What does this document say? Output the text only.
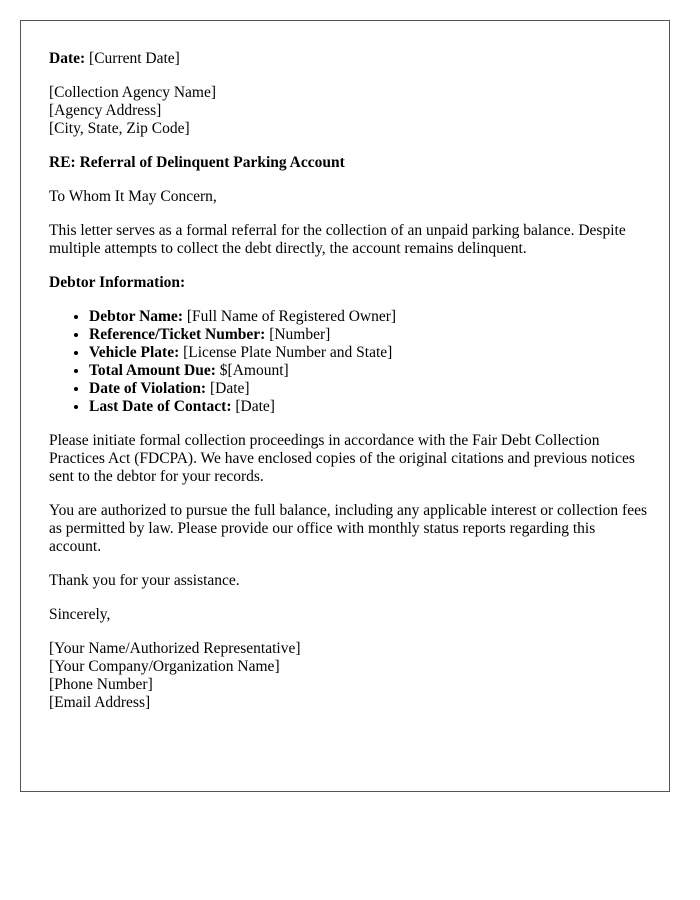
Date: [Current Date]

[Collection Agency Name]
[Agency Address]
[City, State, Zip Code]

RE: Referral of Delinquent Parking Account

To Whom It May Concern,

This letter serves as a formal referral for the collection of an unpaid parking balance. Despite multiple attempts to collect the debt directly, the account remains delinquent.

Debtor Information:

• Debtor Name: [Full Name of Registered Owner]
• Reference/Ticket Number: [Number]
• Vehicle Plate: [License Plate Number and State]
• Total Amount Due: $[Amount]
• Date of Violation: [Date]
• Last Date of Contact: [Date]

Please initiate formal collection proceedings in accordance with the Fair Debt Collection Practices Act (FDCPA). We have enclosed copies of the original citations and previous notices sent to the debtor for your records.

You are authorized to pursue the full balance, including any applicable interest or collection fees as permitted by law. Please provide our office with monthly status reports regarding this account.

Thank you for your assistance.

Sincerely,

[Your Name/Authorized Representative]
[Your Company/Organization Name]
[Phone Number]
[Email Address]
